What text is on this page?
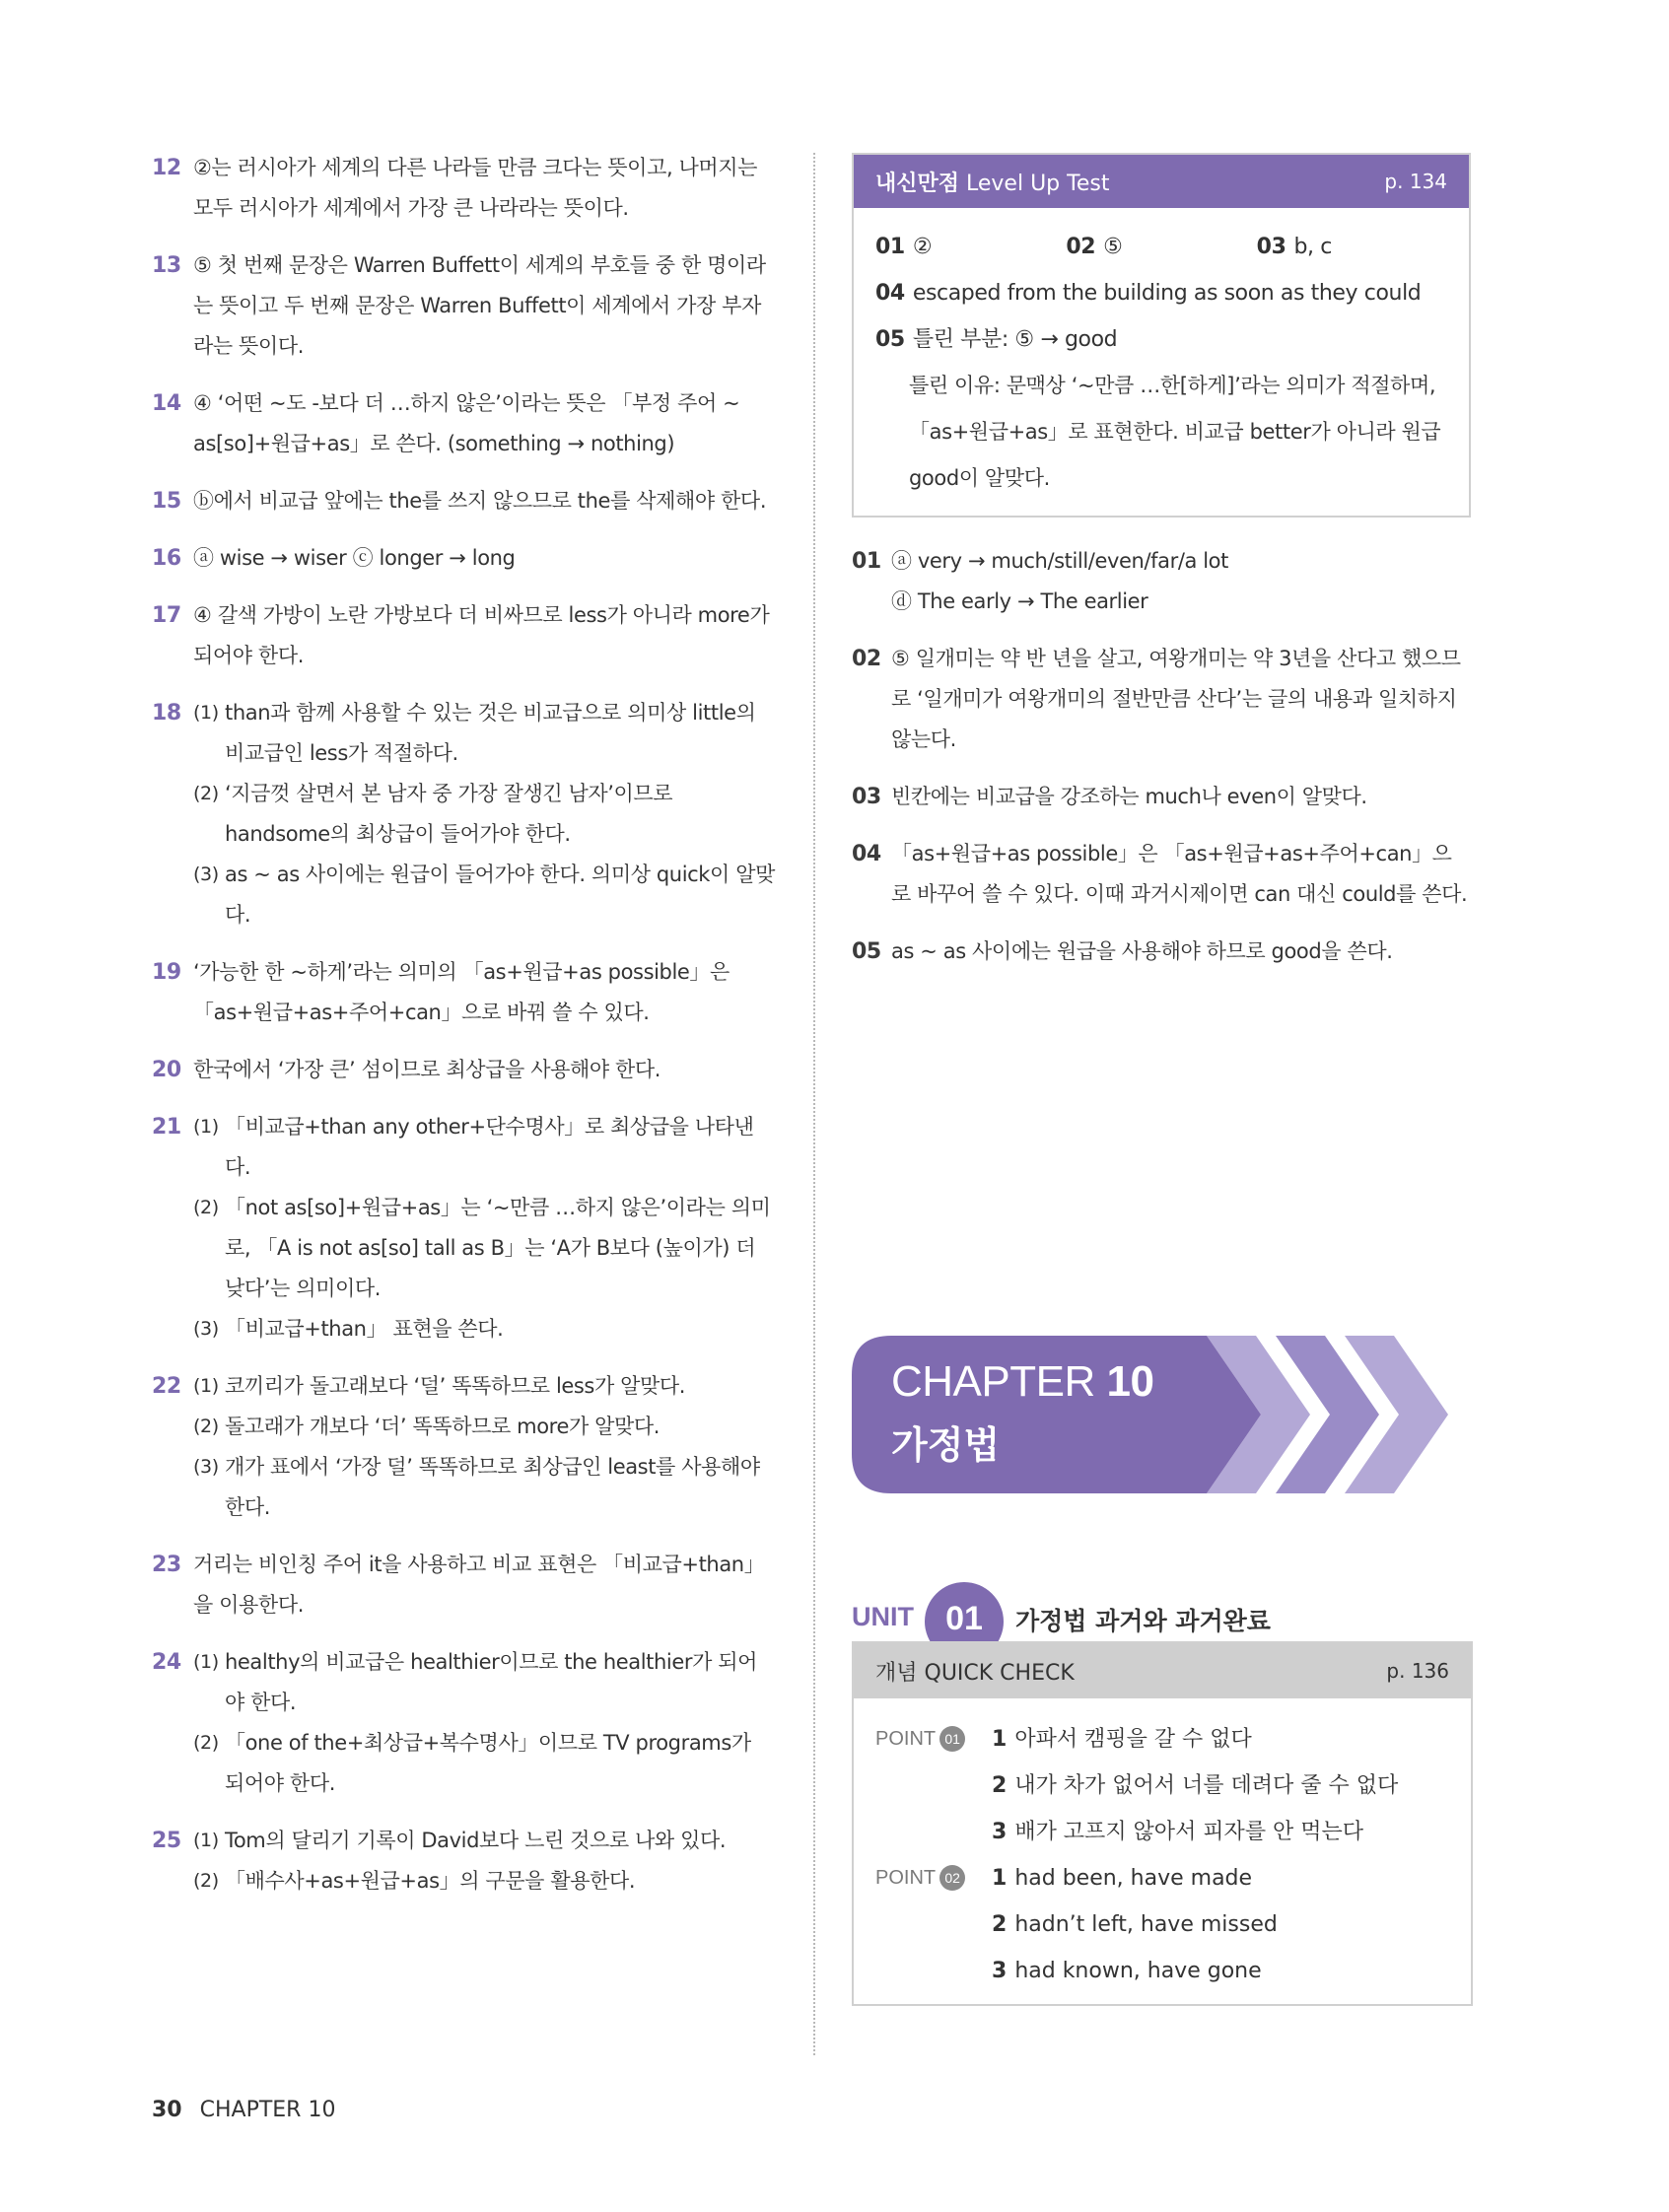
12 ②는 러시아가 세계의 다른 나라들 만큼 크다는 뜻이고, 나머지는 모두 러시아가 세계에서 가장 큰 나라라는 뜻이다.
13 ⑤ 첫 번째 문장은 Warren Buffett이 세계의 부호들 중 한 명이라는 뜻이고 두 번째 문장은 Warren Buffett이 세계에서 가장 부자라는 뜻이다.
14 ④ ‘어떤 ~도 -보다 더 …하지 않은’이라는 뜻은 「부정 주어 ~ as[so]+원급+as」로 쓴다. (something → nothing)
15 ⓑ에서 비교급 앞에는 the를 쓰지 않으므로 the를 삭제해야 한다.
16 ⓐ wise → wiser ⓒ longer → long
17 ④ 갈색 가방이 노란 가방보다 더 비싸므로 less가 아니라 more가 되어야 한다.
18 (1) than과 함께 사용할 수 있는 것은 비교급으로 의미상 little의 비교급인 less가 적절하다.
(2) ‘지금껏 살면서 본 남자 중 가장 잘생긴 남자’이므로 handsome의 최상급이 들어가야 한다.
(3) as ~ as 사이에는 원급이 들어가야 한다. 의미상 quick이 알맞다.
19 ‘가능한 한 ~하게’라는 의미의 「as+원급+as possible」은 「as+원급+as+주어+can」으로 바꿔 쓸 수 있다.
20 한국에서 ‘가장 큰’ 섬이므로 최상급을 사용해야 한다.
21 (1) 「비교급+than any other+단수명사」로 최상급을 나타낸다.
(2) 「not as[so]+원급+as」는 ‘~만큼 …하지 않은’이라는 의미로, 「A is not as[so] tall as B」는 ‘A가 B보다 (높이가) 더 낮다’는 의미이다.
(3) 「비교급+than」 표현을 쓴다.
22 (1) 코끼리가 돌고래보다 ‘덜’ 똑똑하므로 less가 알맞다.
(2) 돌고래가 개보다 ‘더’ 똑똑하므로 more가 알맞다.
(3) 개가 표에서 ‘가장 덜’ 똑똑하므로 최상급인 least를 사용해야 한다.
23 거리는 비인칭 주어 it을 사용하고 비교 표현은 「비교급+than」을 이용한다.
24 (1) healthy의 비교급은 healthier이므로 the healthier가 되어야 한다.
(2) 「one of the+최상급+복수명사」이므로 TV programs가 되어야 한다.
25 (1) Tom의 달리기 기록이 David보다 느린 것으로 나와 있다.
(2) 「배수사+as+원급+as」의 구문을 활용한다.
내신만점 Level Up Test	p. 134
01 ②	02 ⑤	03 b, c
04 escaped from the building as soon as they could
05 틀린 부분: ⑤ → good
틀린 이유: 문맥상 ‘~만큼 …한[하게]’라는 의미가 적절하며, 「as+원급+as」로 표현한다. 비교급 better가 아니라 원급 good이 알맞다.
01 ⓐ very → much/still/even/far/a lot
ⓓ The early → The earlier
02 ⑤ 일개미는 약 반 년을 살고, 여왕개미는 약 3년을 산다고 했으므로 ‘일개미가 여왕개미의 절반만큼 산다’는 글의 내용과 일치하지 않는다.
03 빈칸에는 비교급을 강조하는 much나 even이 알맞다.
04 「as+원급+as possible」은 「as+원급+as+주어+can」으로 바꾸어 쓸 수 있다. 이때 과거시제이면 can 대신 could를 쓴다.
05 as ~ as 사이에는 원급을 사용해야 하므로 good을 쓴다.
CHAPTER 10
가정법
UNIT 01	가정법 과거와 과거완료
개념 QUICK CHECK	p. 136
POINT 01 1 아파서 캠핑을 갈 수 없다
2 내가 차가 없어서 너를 데려다 줄 수 없다
3 배가 고프지 않아서 피자를 안 먹는다
POINT 02 1 had been, have made
2 hadn’t left, have missed
3 had known, have gone
30 CHAPTER 10
